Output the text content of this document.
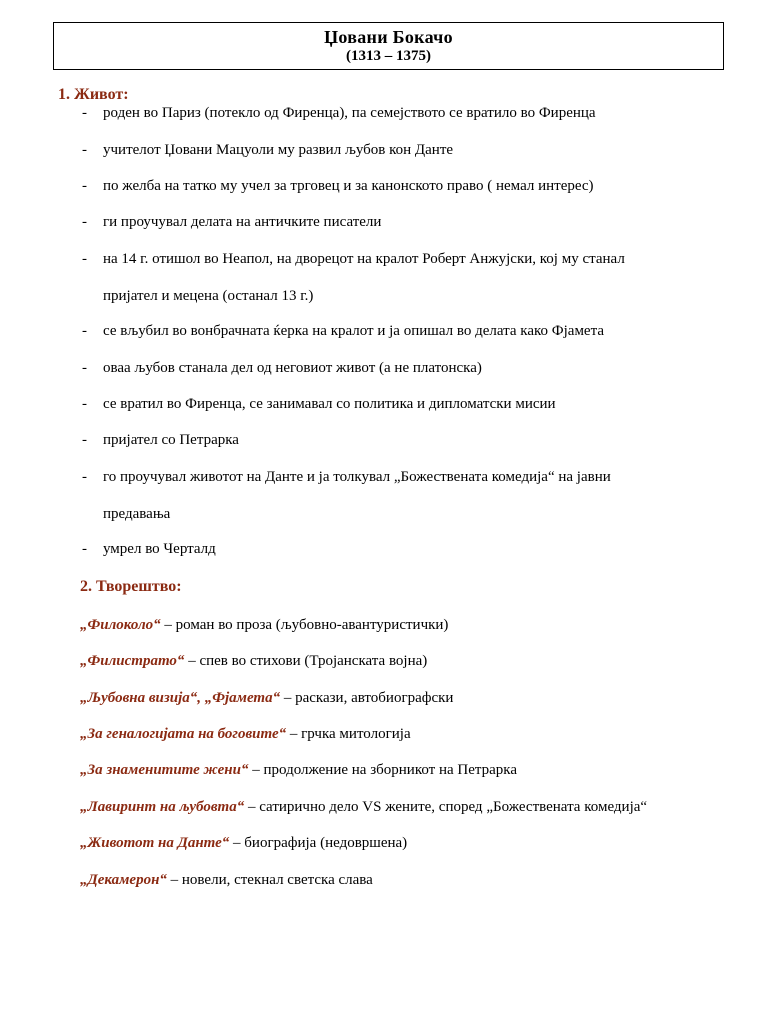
Џовани Бокачо
(1313 – 1375)
1. Живот:
- роден во Париз (потекло од Фиренца), па семејството се вратило во Фиренца
- учителот Џовани Мацуоли му развил љубов кон Данте
- по желба на татко му учел за трговец и за канонското право ( немал интерес)
- ги проучувал делата на античките писатели
- на 14 г. отишол во Неапол, на дворецот на кралот Роберт Анжујски, кој му станал
пријател и мецена (останал 13 г.)
- се вљубил во вонбрачната ќерка на кралот и ја опишал во делата како Фјамета
- оваа љубов станала дел од неговиот живот (а не платонска)
- се вратил во Фиренца, се занимавал со политика и дипломатски мисии
- пријател со Петрарка
- го проучувал животот на Данте и ја толкувал „Божествената комедија“ на јавни
предавања
- умрел во Черталд
2. Творештво:
„Филоколо“ – роман во проза (љубовно-авантуристички)
„Филистрато“ – спев во стихови (Тројанската војна)
„Љубовна визија“, „Фјамета“ – раскази, автобиографски
„За геналогијата на боговите“ – грчка митологија
„За знаменитите жени“ – продолжение на зборникот на Петрарка
„Лавиринт на љубовта“ – сатирично дело VS жените, според „Божествената комедија“
„Животот на Данте“ – биографија (недовршена)
„Декамерон“ – новели, стекнал светска слава
